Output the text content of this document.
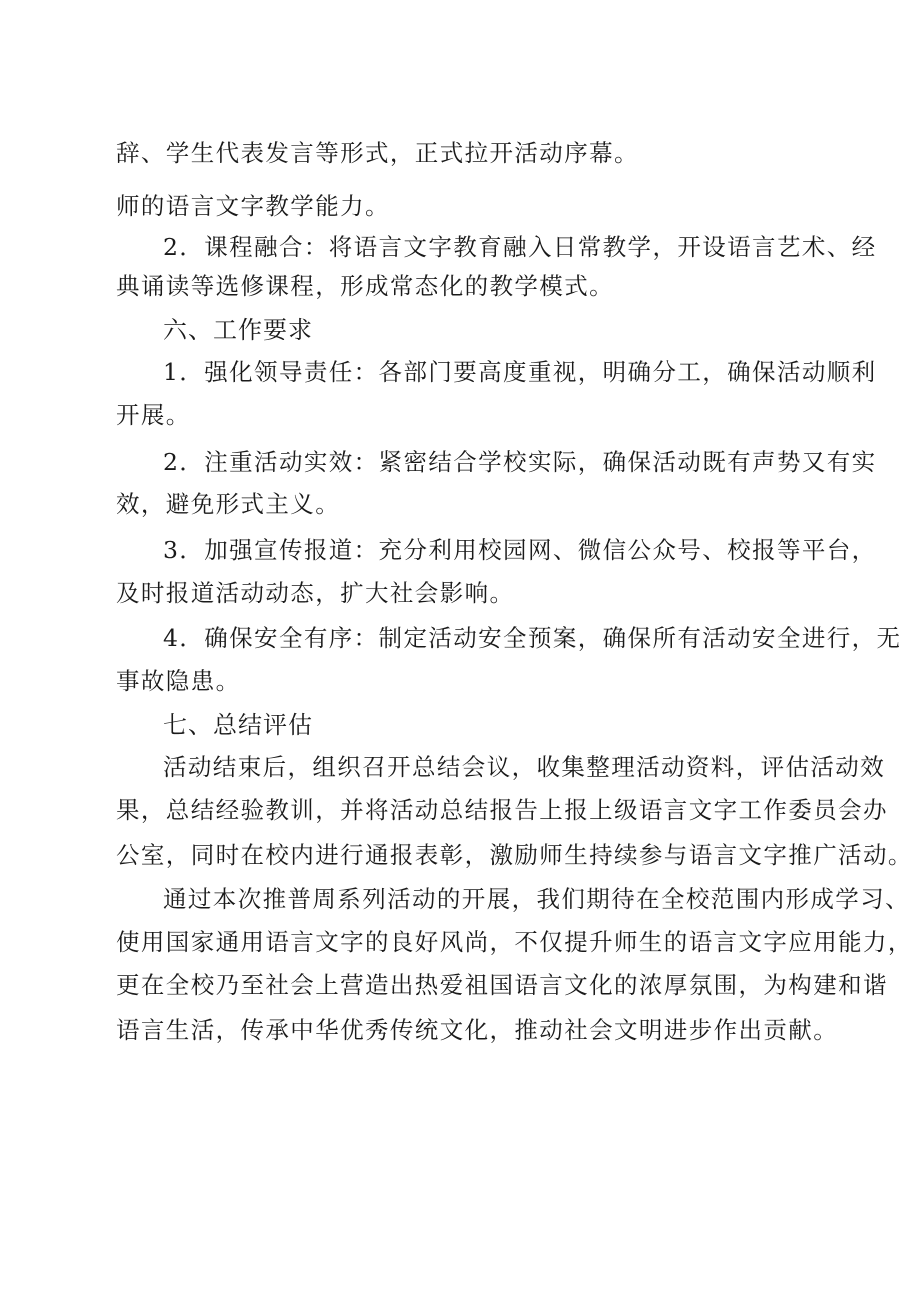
辞、学生代表发言等形式，正式拉开活动序幕。
师的语言文字教学能力。
2．课程融合：将语言文字教育融入日常教学，开设语言艺术、经
典诵读等选修课程，形成常态化的教学模式。
六、工作要求
1．强化领导责任：各部门要高度重视，明确分工，确保活动顺利
开展。
2．注重活动实效：紧密结合学校实际，确保活动既有声势又有实
效，避免形式主义。
3．加强宣传报道：充分利用校园网、微信公众号、校报等平台，
及时报道活动动态，扩大社会影响。
4．确保安全有序：制定活动安全预案，确保所有活动安全进行，无
事故隐患。
七、总结评估
活动结束后，组织召开总结会议，收集整理活动资料，评估活动效
果，总结经验教训，并将活动总结报告上报上级语言文字工作委员会办
公室，同时在校内进行通报表彰，激励师生持续参与语言文字推广活动。
通过本次推普周系列活动的开展，我们期待在全校范围内形成学习、
使用国家通用语言文字的良好风尚，不仅提升师生的语言文字应用能力，
更在全校乃至社会上营造出热爱祖国语言文化的浓厚氛围，为构建和谐
语言生活，传承中华优秀传统文化，推动社会文明进步作出贡献。
